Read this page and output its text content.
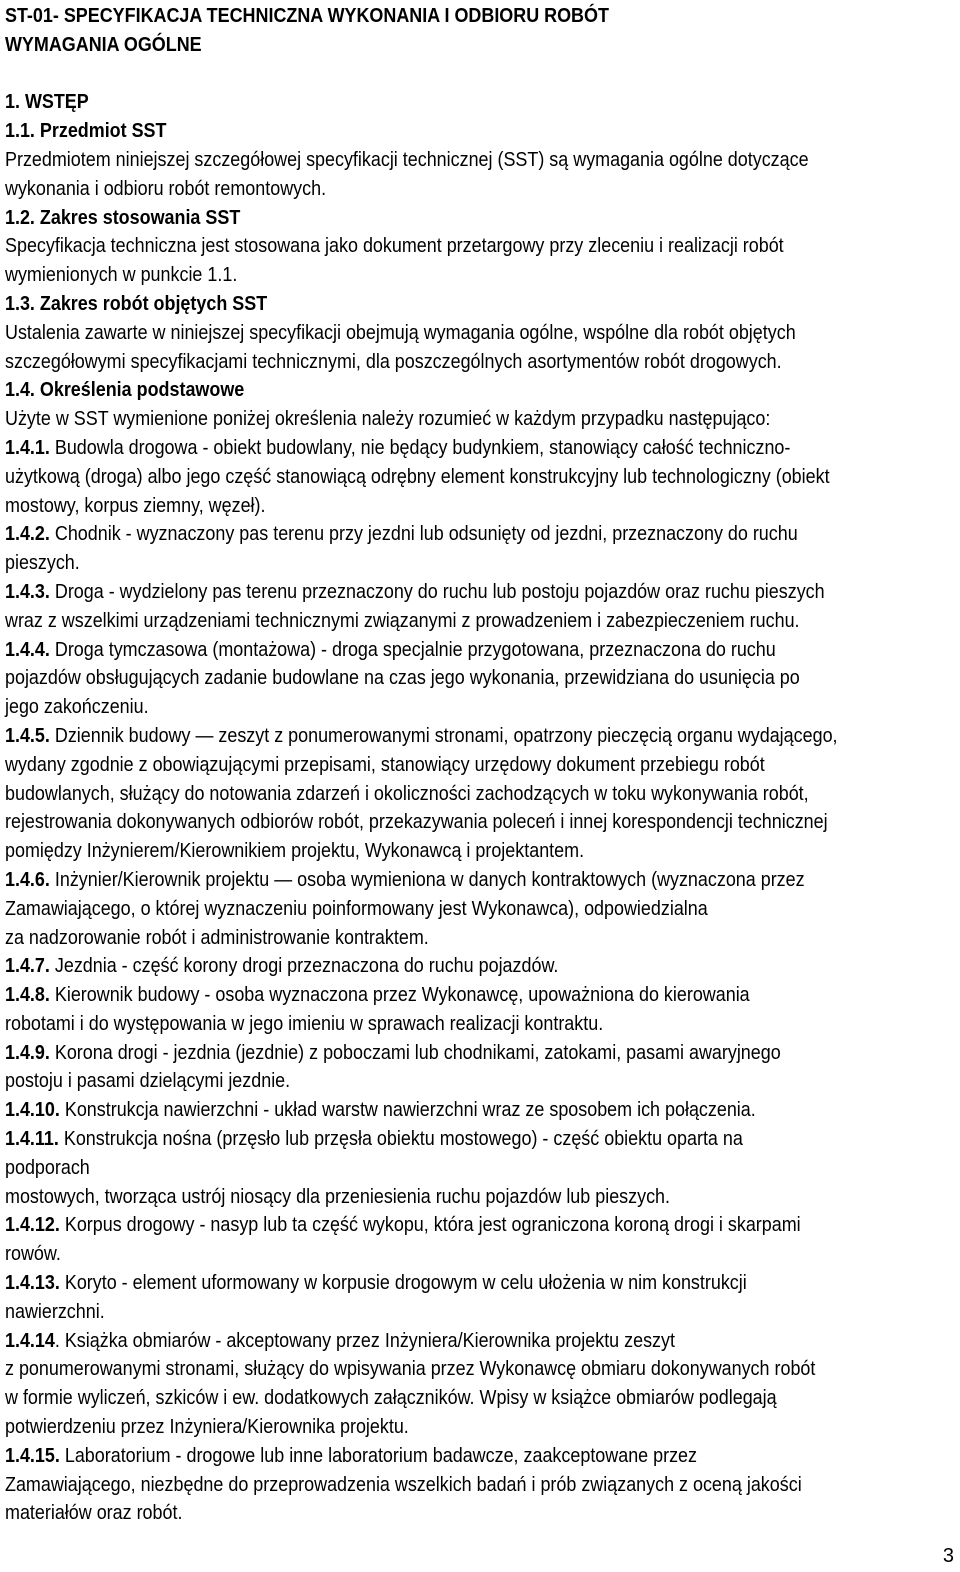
ST-01- SPECYFIKACJA TECHNICZNA WYKONANIA I ODBIORU ROBÓT
WYMAGANIA OGÓLNE
1. WSTĘP
1.1. Przedmiot SST
Przedmiotem niniejszej szczegółowej specyfikacji technicznej (SST) są wymagania ogólne dotyczące
wykonania i odbioru robót remontowych.
1.2. Zakres stosowania SST
Specyfikacja techniczna jest stosowana jako dokument przetargowy przy zleceniu i realizacji robót
wymienionych w punkcie 1.1.
1.3. Zakres robót objętych SST
Ustalenia zawarte w niniejszej specyfikacji obejmują wymagania ogólne, wspólne dla robót objętych
szczegółowymi specyfikacjami technicznymi, dla poszczególnych asortymentów robót drogowych.
1.4. Określenia podstawowe
Użyte w SST wymienione poniżej określenia należy rozumieć w każdym przypadku następująco:
1.4.1. Budowla drogowa - obiekt budowlany, nie będący budynkiem, stanowiący całość techniczno-
użytkową (droga) albo jego część stanowiącą odrębny element konstrukcyjny lub technologiczny (obiekt
mostowy, korpus ziemny, węzeł).
1.4.2. Chodnik - wyznaczony pas terenu przy jezdni lub odsunięty od jezdni, przeznaczony do ruchu
pieszych.
1.4.3. Droga - wydzielony pas terenu przeznaczony do ruchu lub postoju pojazdów oraz ruchu pieszych
wraz z wszelkimi urządzeniami technicznymi związanymi z prowadzeniem i zabezpieczeniem ruchu.
1.4.4. Droga tymczasowa (montażowa) - droga specjalnie przygotowana, przeznaczona do ruchu
pojazdów obsługujących zadanie budowlane na czas jego wykonania, przewidziana do usunięcia po
jego zakończeniu.
1.4.5. Dziennik budowy — zeszyt z ponumerowanymi stronami, opatrzony pieczęcią organu wydającego,
wydany zgodnie z obowiązującymi przepisami, stanowiący urzędowy dokument przebiegu robót
budowlanych, służący do notowania zdarzeń i okoliczności zachodzących w toku wykonywania robót,
rejestrowania dokonywanych odbiorów robót, przekazywania poleceń i innej korespondencji technicznej
pomiędzy Inżynierem/Kierownikiem projektu, Wykonawcą i projektantem.
1.4.6. Inżynier/Kierownik projektu — osoba wymieniona w danych kontraktowych (wyznaczona przez
Zamawiającego, o której wyznaczeniu poinformowany jest Wykonawca), odpowiedzialna
za nadzorowanie robót i administrowanie kontraktem.
1.4.7. Jezdnia - część korony drogi przeznaczona do ruchu pojazdów.
1.4.8. Kierownik budowy - osoba wyznaczona przez Wykonawcę, upoważniona do kierowania
robotami i do występowania w jego imieniu w sprawach realizacji kontraktu.
1.4.9. Korona drogi - jezdnia (jezdnie) z poboczami lub chodnikami, zatokami, pasami awaryjnego
postoju i pasami dzielącymi jezdnie.
1.4.10. Konstrukcja nawierzchni - układ warstw nawierzchni wraz ze sposobem ich połączenia.
1.4.11. Konstrukcja nośna (przęsło lub przęsła obiektu mostowego) - część obiektu oparta na
podporach
mostowych, tworząca ustrój niosący dla przeniesienia ruchu pojazdów lub pieszych.
1.4.12. Korpus drogowy - nasyp lub ta część wykopu, która jest ograniczona koroną drogi i skarpami
rowów.
1.4.13. Koryto - element uformowany w korpusie drogowym w celu ułożenia w nim konstrukcji
nawierzchni.
1.4.14. Książka obmiarów - akceptowany przez Inżyniera/Kierownika projektu zeszyt
z ponumerowanymi stronami, służący do wpisywania przez Wykonawcę obmiaru dokonywanych robót
w formie wyliczeń, szkiców i ew. dodatkowych załączników. Wpisy w książce obmiarów podlegają
potwierdzeniu przez Inżyniera/Kierownika projektu.
1.4.15. Laboratorium - drogowe lub inne laboratorium badawcze, zaakceptowane przez
Zamawiającego, niezbędne do przeprowadzenia wszelkich badań i prób związanych z oceną jakości
materiałów oraz robót.
3
